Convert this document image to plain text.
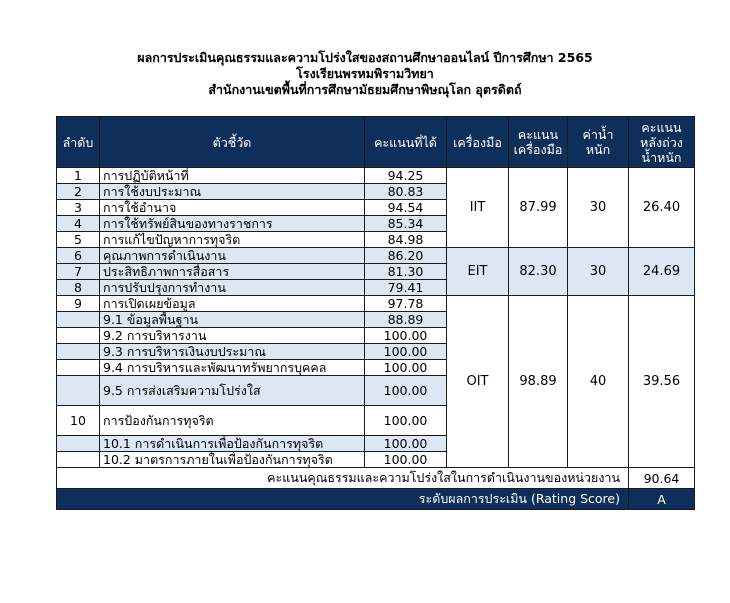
ผลการประเมินคุณธรรมและความโปร่งใสของสถานศึกษาออนไลน์ ปีการศึกษา 2565
โรงเรียนพรหมพิรามวิทยา
สำนักงานเขตพื้นที่การศึกษามัธยมศึกษาพิษณุโลก อุตรดิตถ์
ลำดับ	ตัวชี้วัด	คะแนนที่ได้	เครื่องมือ	คะแนน เครื่องมือ	ค่าน้ำหนัก	คะแนน หลังถ่วง น้ำหนัก
1	การปฏิบัติหน้าที่	94.25	IIT	87.99	30	26.40
2	การใช้งบประมาณ	80.83				
3	การใช้อำนาจ	94.54				
4	การใช้ทรัพย์สินของทางราชการ	85.34				
5	การแก้ไขปัญหาการทุจริต	84.98				
6	คุณภาพการดำเนินงาน	86.20	EIT	82.30	30	24.69
7	ประสิทธิภาพการสื่อสาร	81.30				
8	การปรับปรุงการทำงาน	79.41				
9	การเปิดเผยข้อมูล	97.78	OIT	98.89	40	39.56
	9.1 ข้อมูลพื้นฐาน	88.89				
	9.2 การบริหารงาน	100.00				
	9.3 การบริหารเงินงบประมาณ	100.00				
	9.4 การบริหารและพัฒนาทรัพยากรบุคคล	100.00				
	9.5 การส่งเสริมความโปร่งใส	100.00				
10	การป้องกันการทุจริต	100.00				
	10.1 การดำเนินการเพื่อป้องกันการทุจริต	100.00				
	10.2 มาตรการภายในเพื่อป้องกันการทุจริต	100.00				
คะแนนคุณธรรมและความโปร่งใสในการดำเนินงานของหน่วยงาน						90.64
ระดับผลการประเมิน (Rating Score)						A
